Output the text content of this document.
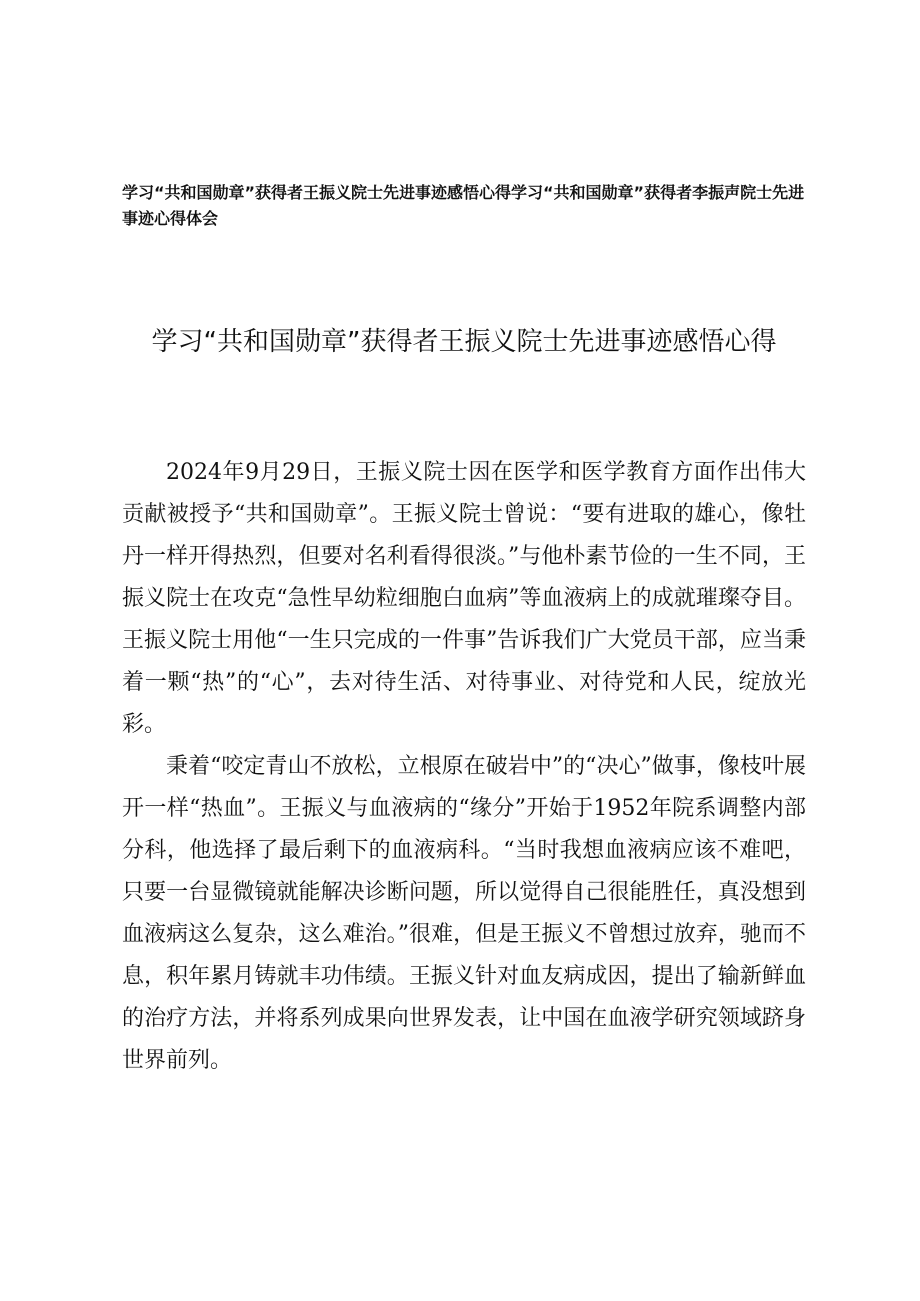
学习“共和国勋章”获得者王振义院士先进事迹感悟心得学习“共和国勋章”获得者李振声院士先进事迹心得体会
学习“共和国勋章”获得者王振义院士先进事迹感悟心得

2024年9月29日，王振义院士因在医学和医学教育方面作出伟大贡献被授予“共和国勋章”。王振义院士曾说：“要有进取的雄心，像牡丹一样开得热烈，但要对名利看得很淡。”与他朴素节俭的一生不同，王振义院士在攻克“急性早幼粒细胞白血病”等血液病上的成就璀璨夺目。王振义院士用他“一生只完成的一件事”告诉我们广大党员干部，应当秉着一颗“热”的“心”，去对待生活、对待事业、对待党和人民，绽放光彩。

秉着“咬定青山不放松，立根原在破岩中”的“决心”做事，像枝叶展开一样“热血”。王振义与血液病的“缘分”开始于1952年院系调整内部分科，他选择了最后剩下的血液病科。“当时我想血液病应该不难吧，只要一台显微镜就能解决诊断问题，所以觉得自己很能胜任，真没想到血液病这么复杂，这么难治。”很难，但是王振义不曾想过放弃，驰而不息，积年累月铸就丰功伟绩。王振义针对血友病成因，提出了输新鲜血的治疗方法，并将系列成果向世界发表，让中国在血液学研究领域跻身世界前列。
